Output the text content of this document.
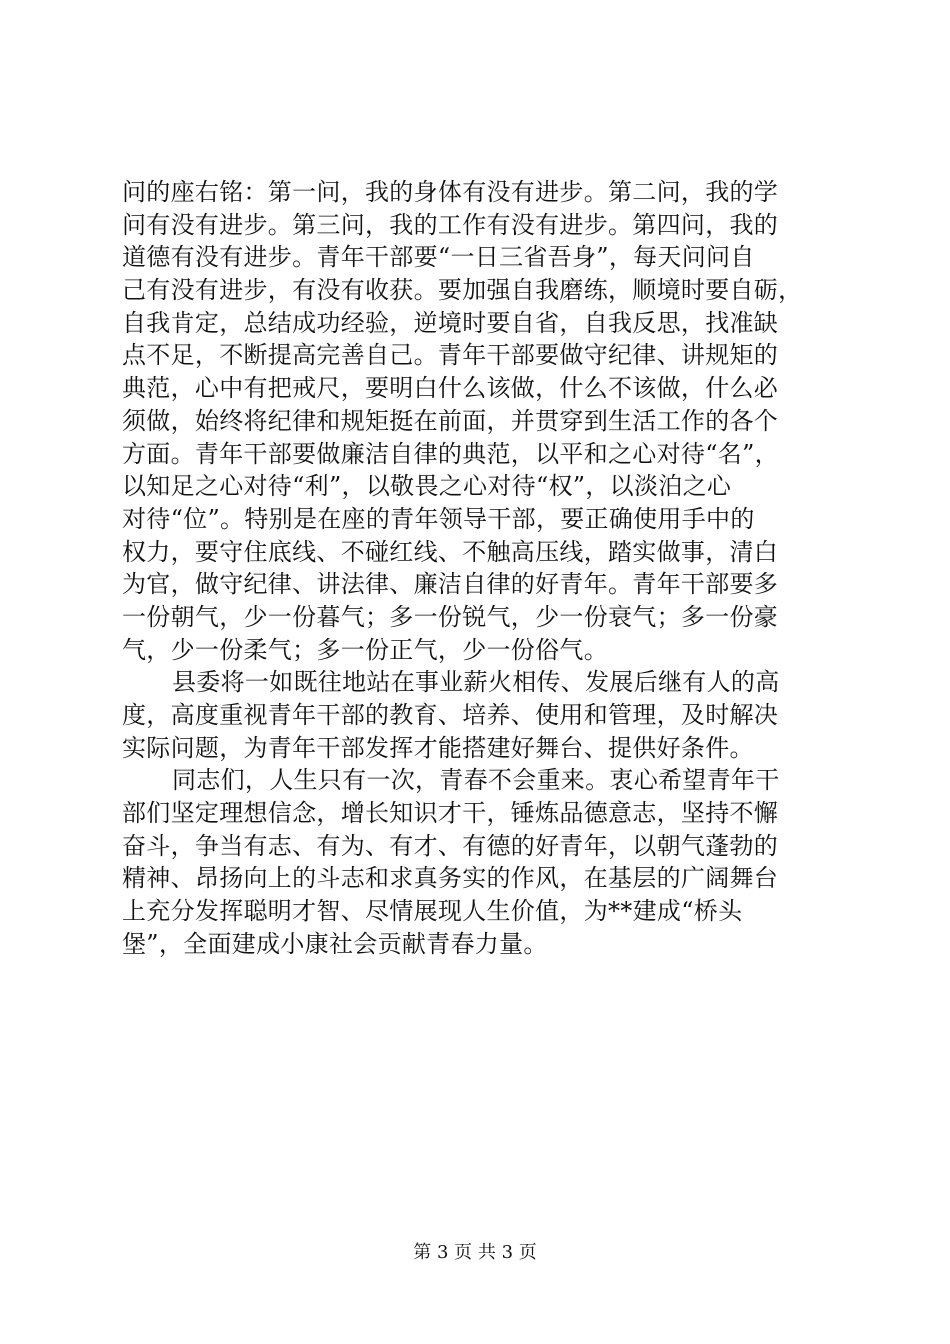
问的座右铭：第一问，我的身体有没有进步。第二问，我的学
问有没有进步。第三问，我的工作有没有进步。第四问，我的
道德有没有进步。青年干部要“一日三省吾身”，每天问问自
己有没有进步，有没有收获。要加强自我磨练，顺境时要自砺，
自我肯定，总结成功经验，逆境时要自省，自我反思，找准缺
点不足，不断提高完善自己。青年干部要做守纪律、讲规矩的
典范，心中有把戒尺，要明白什么该做，什么不该做，什么必
须做，始终将纪律和规矩挺在前面，并贯穿到生活工作的各个
方面。青年干部要做廉洁自律的典范，以平和之心对待“名”，
以知足之心对待“利”，以敬畏之心对待“权”，以淡泊之心
对待“位”。特别是在座的青年领导干部，要正确使用手中的
权力，要守住底线、不碰红线、不触高压线，踏实做事，清白
为官，做守纪律、讲法律、廉洁自律的好青年。青年干部要多
一份朝气，少一份暮气；多一份锐气，少一份衰气；多一份豪
气，少一份柔气；多一份正气，少一份俗气。
县委将一如既往地站在事业薪火相传、发展后继有人的高
度，高度重视青年干部的教育、培养、使用和管理，及时解决
实际问题，为青年干部发挥才能搭建好舞台、提供好条件。
同志们，人生只有一次，青春不会重来。衷心希望青年干
部们坚定理想信念，增长知识才干，锤炼品德意志，坚持不懈
奋斗，争当有志、有为、有才、有德的好青年，以朝气蓬勃的
精神、昂扬向上的斗志和求真务实的作风，在基层的广阔舞台
上充分发挥聪明才智、尽情展现人生价值，为**建成“桥头
堡”，全面建成小康社会贡献青春力量。
第 3 页 共 3 页
